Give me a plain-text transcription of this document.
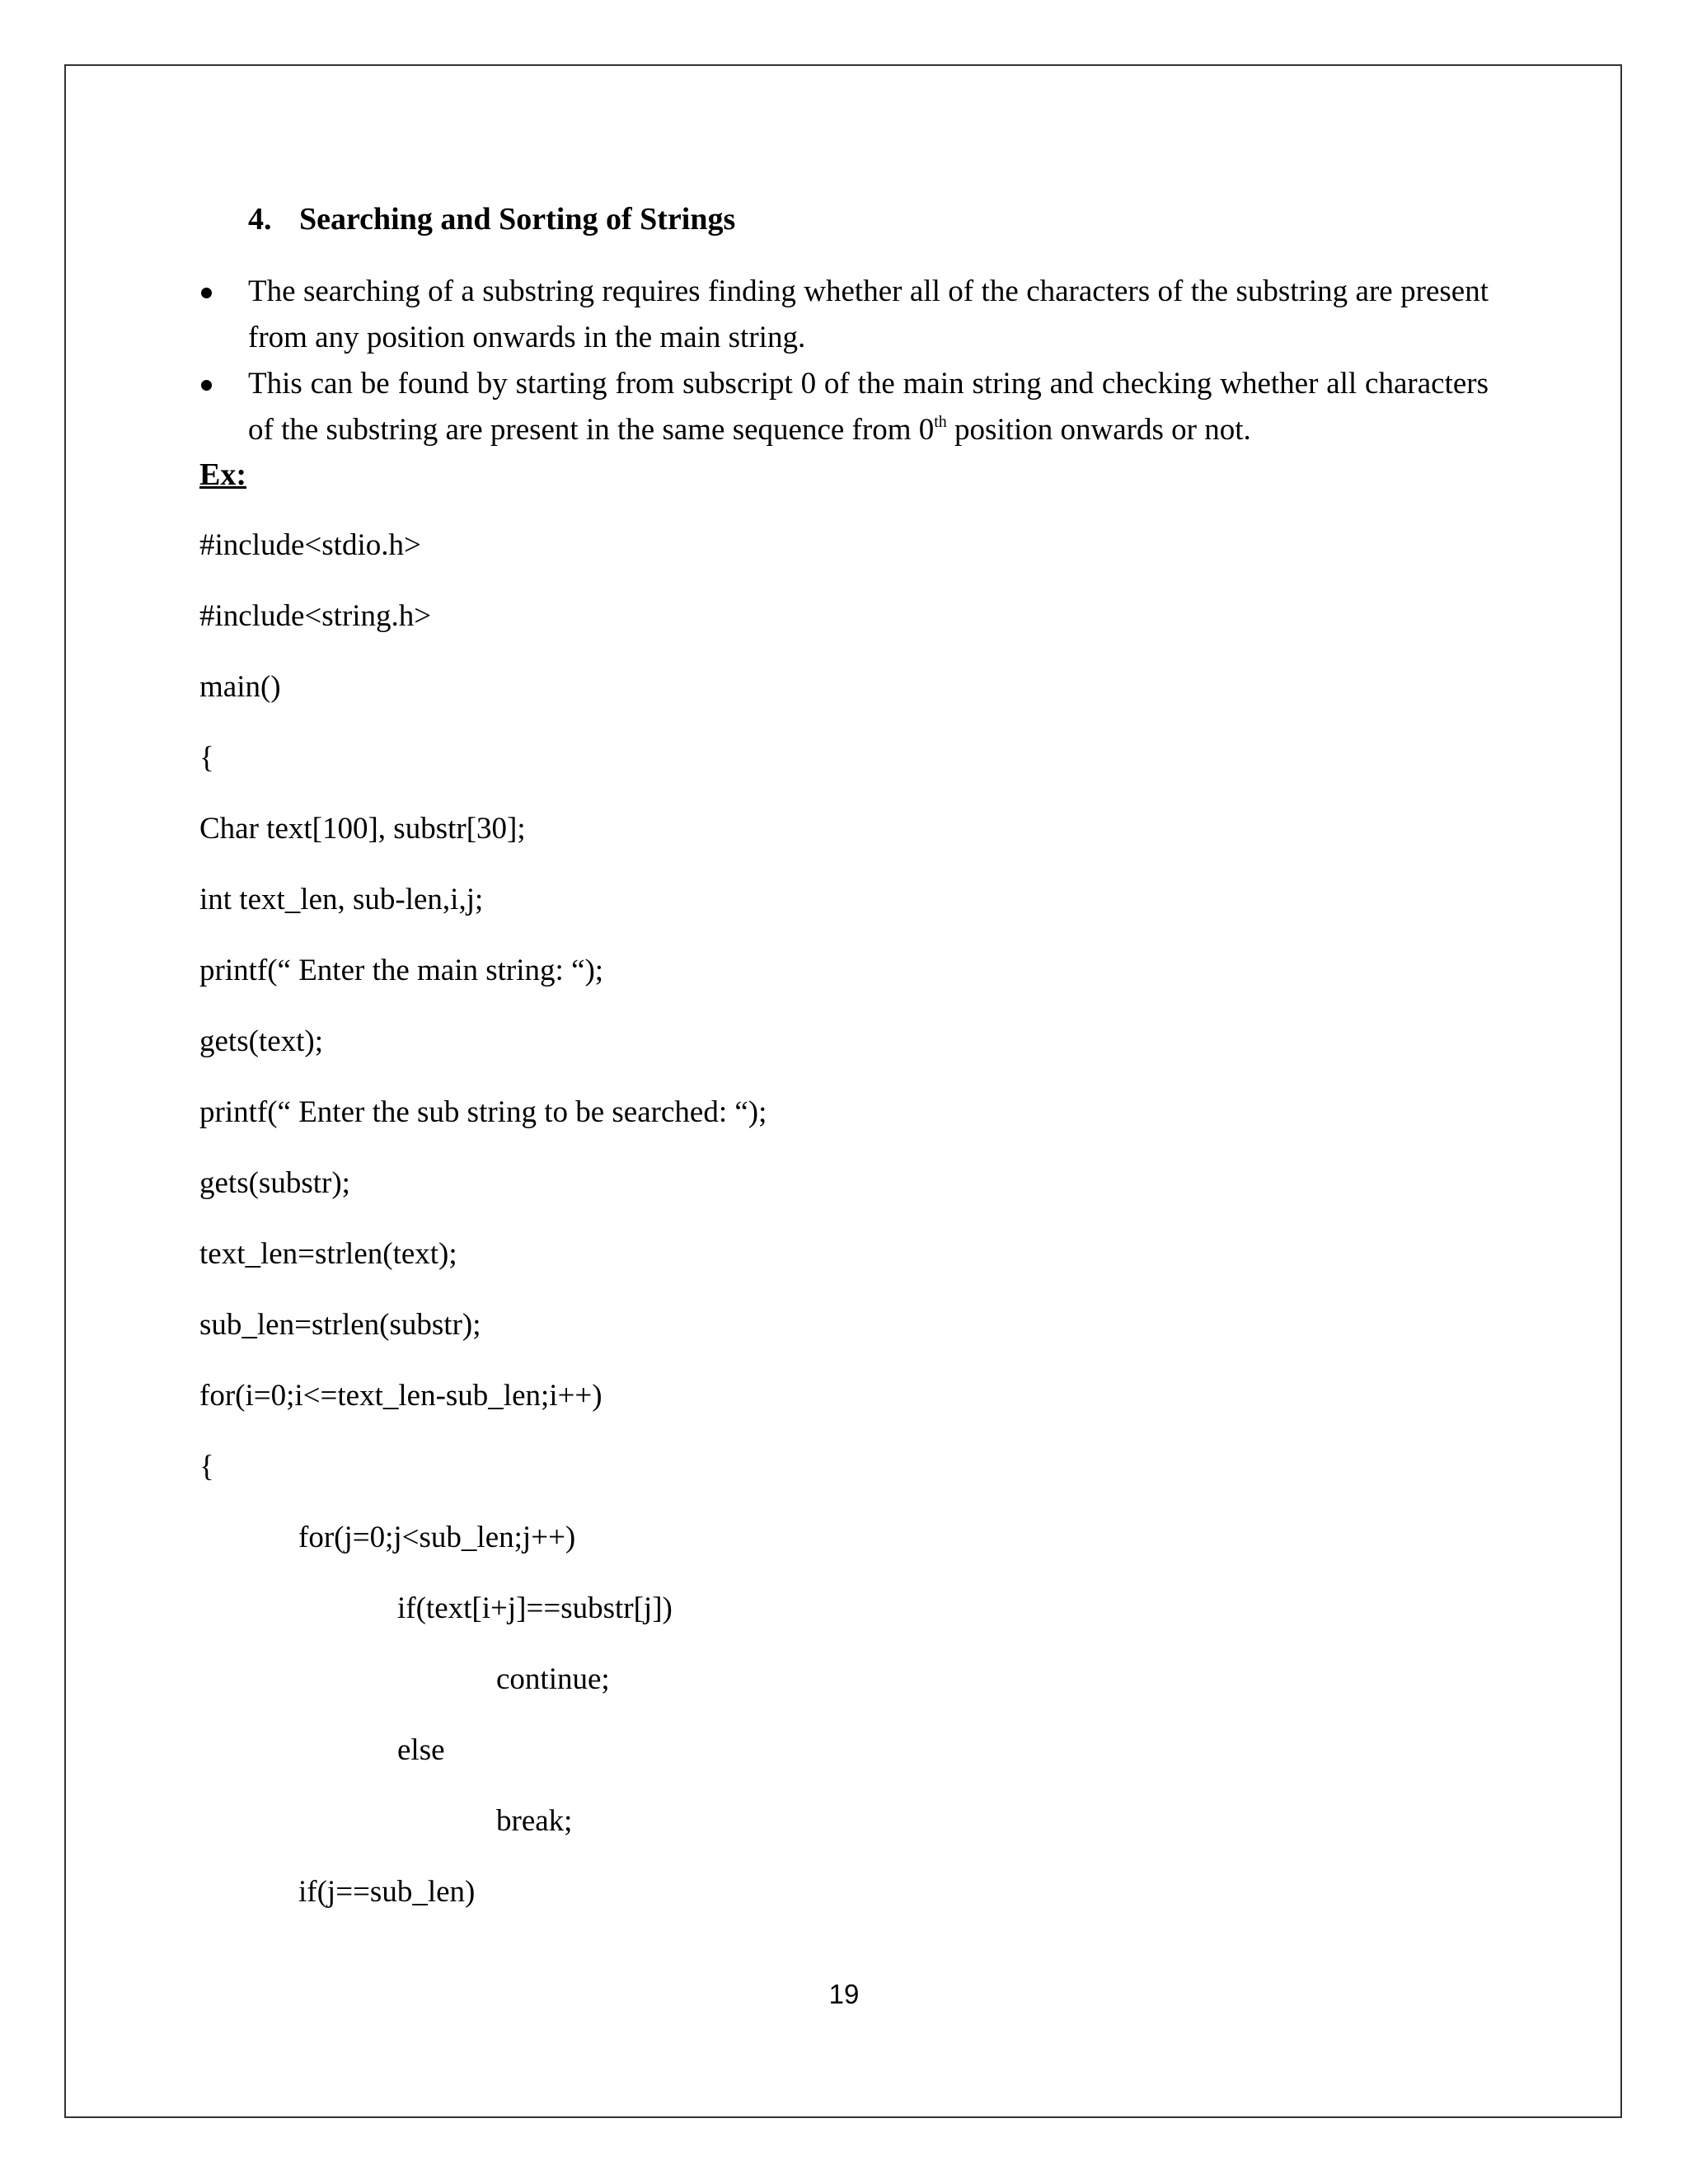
4. Searching and Sorting of Strings
The searching of a substring requires finding whether all of the characters of the substring are present from any position onwards in the main string.
This can be found by starting from subscript 0 of the main string and checking whether all characters of the substring are present in the same sequence from 0th position onwards or not.
Ex:
#include<stdio.h>
#include<string.h>
main()
{
Char text[100], substr[30];
int text_len, sub-len,i,j;
printf(“ Enter the main string: “);
gets(text);
printf(“ Enter the sub string to be searched: “);
gets(substr);
text_len=strlen(text);
sub_len=strlen(substr);
for(i=0;i<=text_len-sub_len;i++)
{
for(j=0;j<sub_len;j++)
if(text[i+j]==substr[j])
continue;
else
break;
if(j==sub_len)
19
